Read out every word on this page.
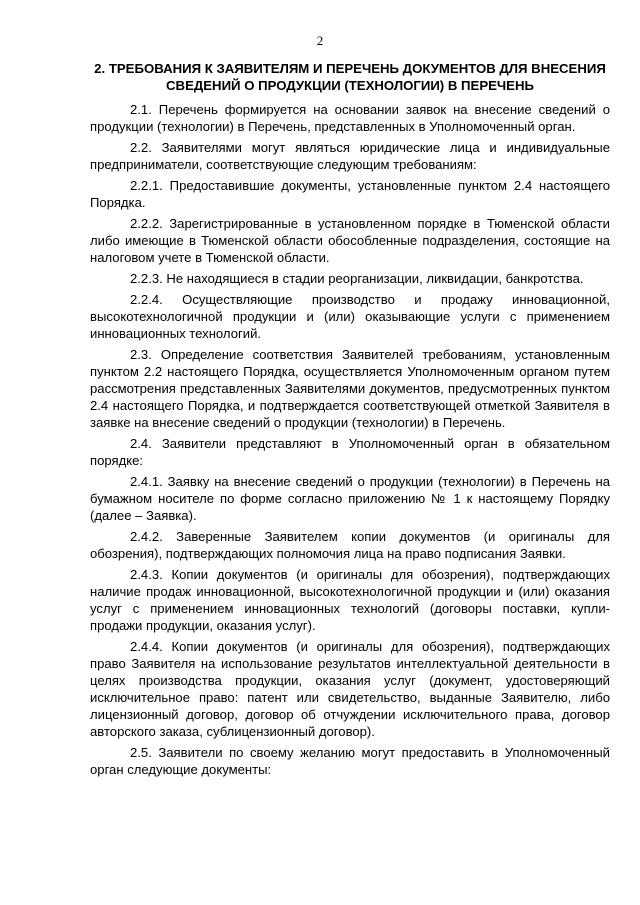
2
2. ТРЕБОВАНИЯ К ЗАЯВИТЕЛЯМ И ПЕРЕЧЕНЬ ДОКУМЕНТОВ ДЛЯ ВНЕСЕНИЯ СВЕДЕНИЙ О ПРОДУКЦИИ (ТЕХНОЛОГИИ) В ПЕРЕЧЕНЬ

2.1. Перечень формируется на основании заявок на внесение сведений о продукции (технологии) в Перечень, представленных в Уполномоченный орган.

2.2. Заявителями могут являться юридические лица и индивидуальные предприниматели, соответствующие следующим требованиям:

2.2.1. Предоставившие документы, установленные пунктом 2.4 настоящего Порядка.

2.2.2. Зарегистрированные в установленном порядке в Тюменской области либо имеющие в Тюменской области обособленные подразделения, состоящие на налоговом учете в Тюменской области.

2.2.3. Не находящиеся в стадии реорганизации, ликвидации, банкротства.

2.2.4. Осуществляющие производство и продажу инновационной, высокотехнологичной продукции и (или) оказывающие услуги с применением инновационных технологий.

2.3. Определение соответствия Заявителей требованиям, установленным пунктом 2.2 настоящего Порядка, осуществляется Уполномоченным органом путем рассмотрения представленных Заявителями документов, предусмотренных пунктом 2.4 настоящего Порядка, и подтверждается соответствующей отметкой Заявителя в заявке на внесение сведений о продукции (технологии) в Перечень.

2.4. Заявители представляют в Уполномоченный орган в обязательном порядке:

2.4.1. Заявку на внесение сведений о продукции (технологии) в Перечень на бумажном носителе по форме согласно приложению № 1 к настоящему Порядку (далее – Заявка).

2.4.2. Заверенные Заявителем копии документов (и оригиналы для обозрения), подтверждающих полномочия лица на право подписания Заявки.

2.4.3. Копии документов (и оригиналы для обозрения), подтверждающих наличие продаж инновационной, высокотехнологичной продукции и (или) оказания услуг с применением инновационных технологий (договоры поставки, купли-продажи продукции, оказания услуг).

2.4.4. Копии документов (и оригиналы для обозрения), подтверждающих право Заявителя на использование результатов интеллектуальной деятельности в целях производства продукции, оказания услуг (документ, удостоверяющий исключительное право: патент или свидетельство, выданные Заявителю, либо лицензионный договор, договор об отчуждении исключительного права, договор авторского заказа, сублицензионный договор).

2.5. Заявители по своему желанию могут предоставить в Уполномоченный орган следующие документы:
